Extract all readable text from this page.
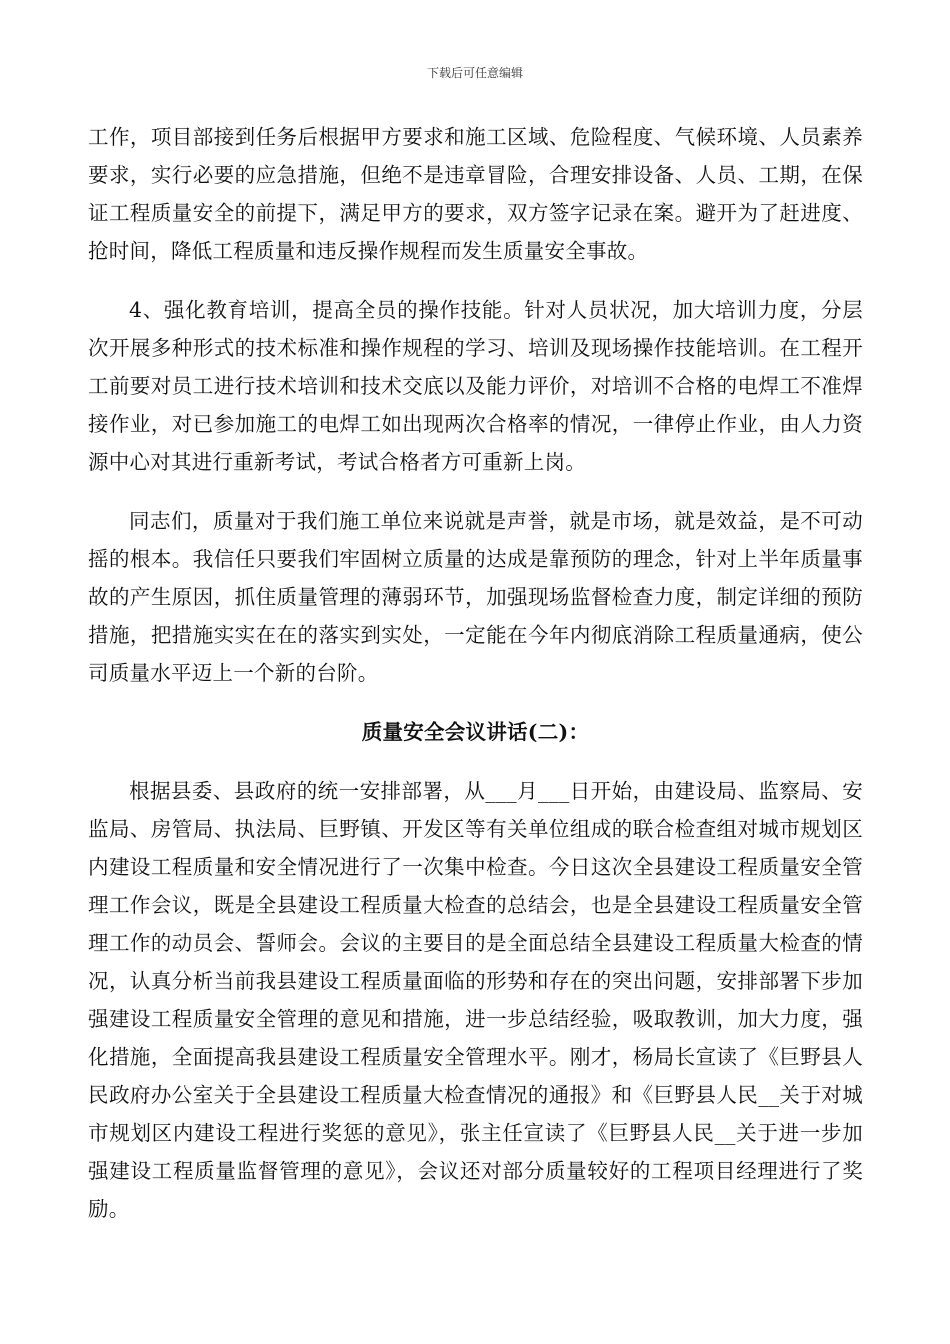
下载后可任意编辑

工作，项目部接到任务后根据甲方要求和施工区域、危险程度、气候环境、人员素养要求，实行必要的应急措施，但绝不是违章冒险，合理安排设备、人员、工期，在保证工程质量安全的前提下，满足甲方的要求，双方签字记录在案。避开为了赶进度、抢时间，降低工程质量和违反操作规程而发生质量安全事故。

4、强化教育培训，提高全员的操作技能。针对人员状况，加大培训力度，分层次开展多种形式的技术标准和操作规程的学习、培训及现场操作技能培训。在工程开工前要对员工进行技术培训和技术交底以及能力评价，对培训不合格的电焊工不准焊接作业，对已参加施工的电焊工如出现两次合格率的情况，一律停止作业，由人力资源中心对其进行重新考试，考试合格者方可重新上岗。

同志们，质量对于我们施工单位来说就是声誉，就是市场，就是效益，是不可动摇的根本。我信任只要我们牢固树立质量的达成是靠预防的理念，针对上半年质量事故的产生原因，抓住质量管理的薄弱环节，加强现场监督检查力度，制定详细的预防措施，把措施实实在在的落实到实处，一定能在今年内彻底消除工程质量通病，使公司质量水平迈上一个新的台阶。

质量安全会议讲话(二)：

根据县委、县政府的统一安排部署，从___月___日开始，由建设局、监察局、安监局、房管局、执法局、巨野镇、开发区等有关单位组成的联合检查组对城市规划区内建设工程质量和安全情况进行了一次集中检查。今日这次全县建设工程质量安全管理工作会议，既是全县建设工程质量大检查的总结会，也是全县建设工程质量安全管理工作的动员会、誓师会。会议的主要目的是全面总结全县建设工程质量大检查的情况，认真分析当前我县建设工程质量面临的形势和存在的突出问题，安排部署下步加强建设工程质量安全管理的意见和措施，进一步总结经验，吸取教训，加大力度，强化措施，全面提高我县建设工程质量安全管理水平。刚才，杨局长宣读了《巨野县人民政府办公室关于全县建设工程质量大检查情况的通报》和《巨野县人民__关于对城市规划区内建设工程进行奖惩的意见》，张主任宣读了《巨野县人民__关于进一步加强建设工程质量监督管理的意见》，会议还对部分质量较好的工程项目经理进行了奖励。
